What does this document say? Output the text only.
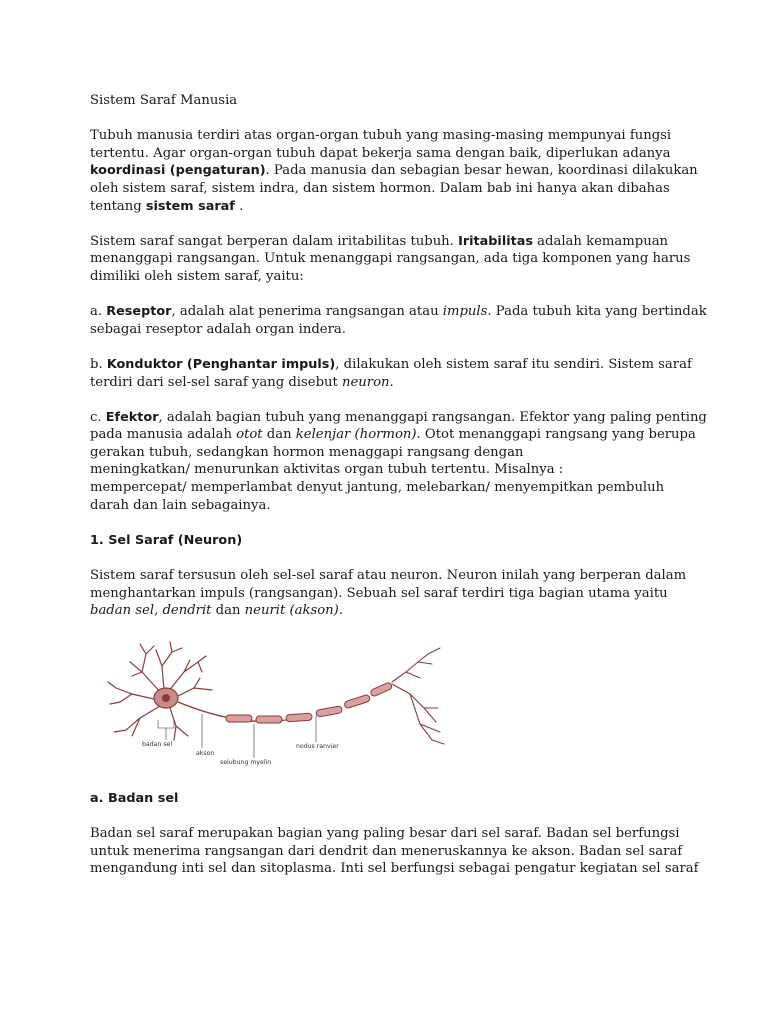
Sistem Saraf Manusia
Tubuh manusia terdiri atas organ-organ tubuh yang masing-masing mempunyai fungsi
tertentu. Agar organ-organ tubuh dapat bekerja sama dengan baik, diperlukan adanya
koordinasi (pengaturan). Pada manusia dan sebagian besar hewan, koordinasi dilakukan
oleh sistem saraf, sistem indra, dan sistem hormon. Dalam bab ini hanya akan dibahas
tentang sistem saraf .
Sistem saraf sangat berperan dalam iritabilitas tubuh. Iritabilitas adalah kemampuan
menanggapi rangsangan. Untuk menanggapi rangsangan, ada tiga komponen yang harus
dimiliki oleh sistem saraf, yaitu:
a. Reseptor, adalah alat penerima rangsangan atau impuls. Pada tubuh kita yang bertindak
sebagai reseptor adalah organ indera.
b. Konduktor (Penghantar impuls), dilakukan oleh sistem saraf itu sendiri. Sistem saraf
terdiri dari sel-sel saraf yang disebut neuron.
c. Efektor, adalah bagian tubuh yang menanggapi rangsangan. Efektor yang paling penting
pada manusia adalah otot dan kelenjar (hormon). Otot menanggapi rangsang yang berupa
gerakan tubuh, sedangkan hormon menaggapi rangsang dengan
meningkatkan/ menurunkan aktivitas organ tubuh tertentu. Misalnya :
mempercepat/ memperlambat denyut jantung, melebarkan/ menyempitkan pembuluh
darah dan lain sebagainya.
1. Sel Saraf (Neuron)
Sistem saraf tersusun oleh sel-sel saraf atau neuron. Neuron inilah yang berperan dalam
menghantarkan impuls (rangsangan). Sebuah sel saraf terdiri tiga bagian utama yaitu
badan sel, dendrit dan neurit (akson).
badan sel
akson
selubung myelin
nodus ranvier
a. Badan sel
Badan sel saraf merupakan bagian yang paling besar dari sel saraf. Badan sel berfungsi
untuk menerima rangsangan dari dendrit dan meneruskannya ke akson. Badan sel saraf
mengandung inti sel dan sitoplasma. Inti sel berfungsi sebagai pengatur kegiatan sel saraf
